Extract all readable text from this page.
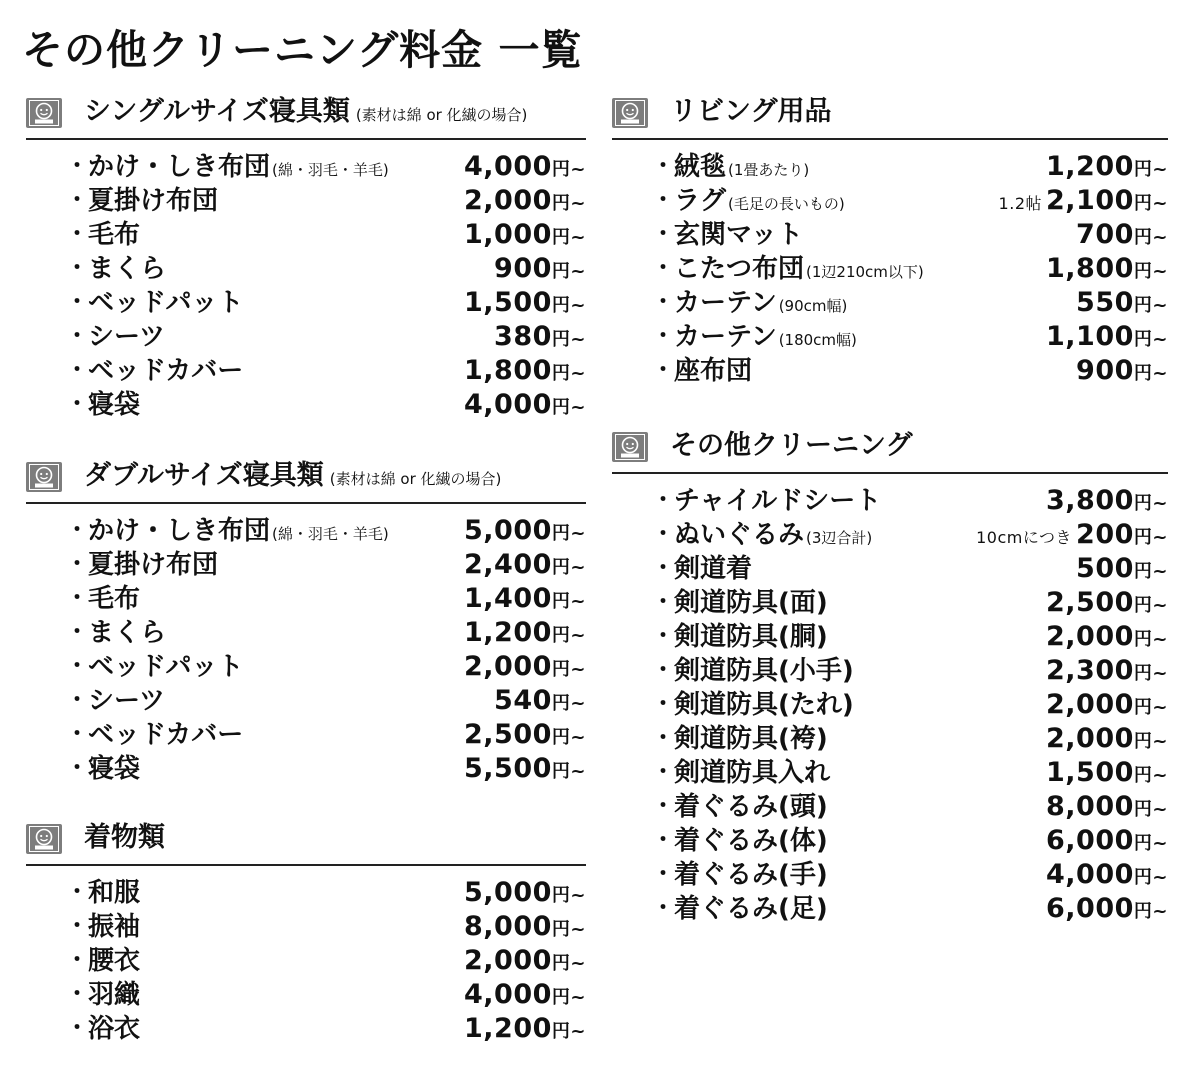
その他クリーニング料金 一覧
シングルサイズ寝具類 (素材は綿 or 化繊の場合)
・ かけ・しき布団 (綿・羽毛・羊毛)	4,000円~
・ 夏掛け布団	2,000円~
・ 毛布	1,000円~
・ まくら	900円~
・ ベッドパット	1,500円~
・ シーツ	380円~
・ ベッドカバー	1,800円~
・ 寝袋	4,000円~
ダブルサイズ寝具類 (素材は綿 or 化繊の場合)
・ かけ・しき布団 (綿・羽毛・羊毛)	5,000円~
・ 夏掛け布団	2,400円~
・ 毛布	1,400円~
・ まくら	1,200円~
・ ベッドパット	2,000円~
・ シーツ	540円~
・ ベッドカバー	2,500円~
・ 寝袋	5,500円~
着物類
・ 和服	5,000円~
・ 振袖	8,000円~
・ 腰衣	2,000円~
・ 羽織	4,000円~
・ 浴衣	1,200円~
リビング用品
・ 絨毯 (1畳あたり)	1,200円~
・ ラグ (毛足の長いもの)	1.2帖 2,100円~
・ 玄関マット	700円~
・ こたつ布団 (1辺210cm以下)	1,800円~
・ カーテン (90cm幅)	550円~
・ カーテン (180cm幅)	1,100円~
・ 座布団	900円~
その他クリーニング
・ チャイルドシート	3,800円~
・ ぬいぐるみ (3辺合計)	10cmにつき 200円~
・ 剣道着	500円~
・ 剣道防具(面)	2,500円~
・ 剣道防具(胴)	2,000円~
・ 剣道防具(小手)	2,300円~
・ 剣道防具(たれ)	2,000円~
・ 剣道防具(袴)	2,000円~
・ 剣道防具入れ	1,500円~
・ 着ぐるみ(頭)	8,000円~
・ 着ぐるみ(体)	6,000円~
・ 着ぐるみ(手)	4,000円~
・ 着ぐるみ(足)	6,000円~
